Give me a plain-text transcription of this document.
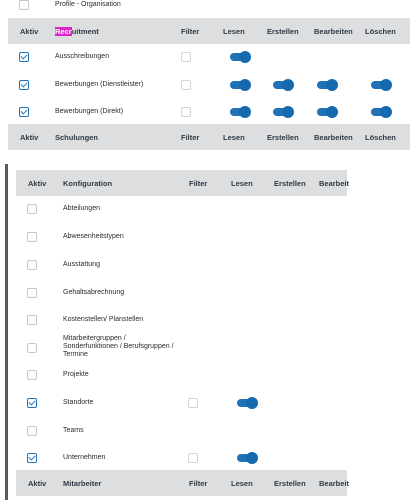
Profile - Organisation
Aktiv Recruitment	Filter	Lesen	Erstellen Bearbeiten Löschen
Ausschreibungen
Bewerbungen (Dienstleister)
Bewerbungen (Direkt)
Aktiv Schulungen	Filter	Lesen	Erstellen Bearbeiten Löschen
Aktiv Konfiguration	Filter	Lesen	Erstellen Bearbeit
Abteilungen
Abwesenheitstypen
Ausstattung
Gehaltsabrechnung
Kostenstellen/ Planstellen
Mitarbeitergruppen /
Sonderfunktionen / Berufsgruppen /
Termine
Projekte
Standorte
Teams
Unternehmen
Aktiv Mitarbeiter	Filter	Lesen	Erstellen Bearbeit
